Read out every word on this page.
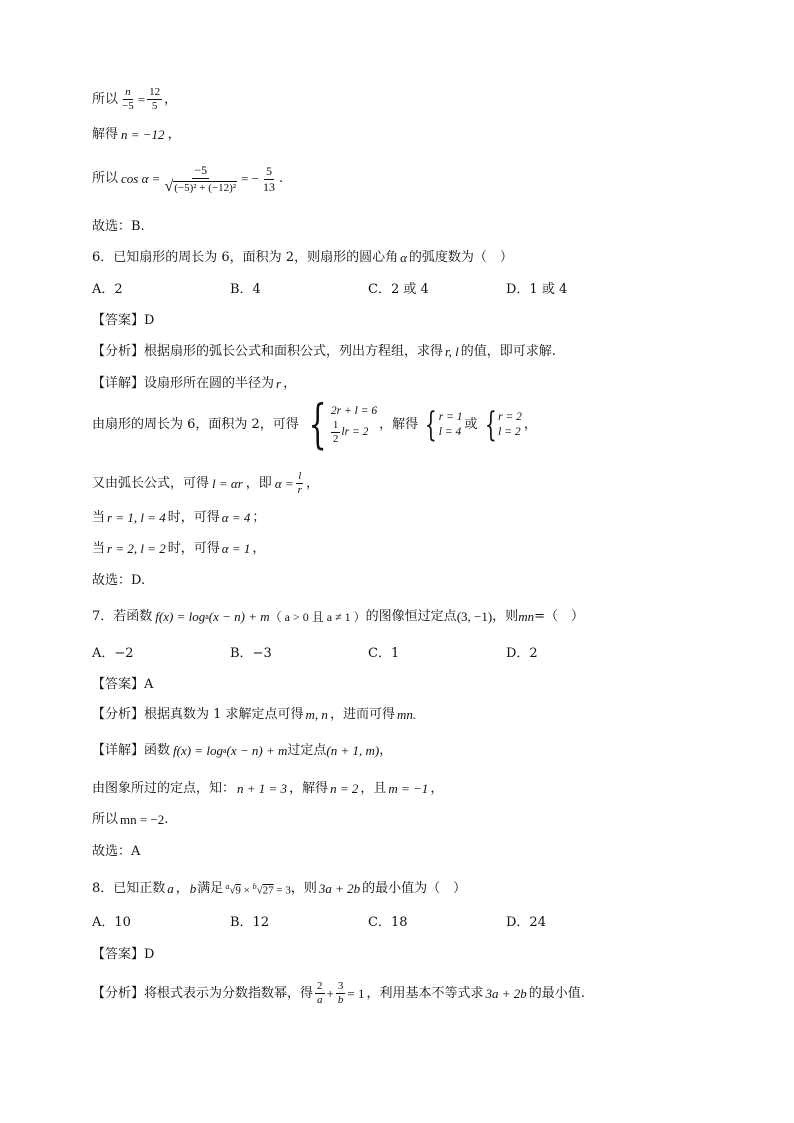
所以 $\frac{n}{-5} = \frac{12}{5}$ ，
解得 n = −12 ，
所以 $\cos \alpha = \frac{-5}{\text{√ (−5)² + (−12)²}}$ = − $\frac{5}{13}$ .
故选：B.
6．已知扇形的周长为 6，面积为 2，则扇形的圆心角 α 的弧度数为（　）
A．2	B．4	C．2 或 4	D．1 或 4
【答案】D
【分析】根据扇形的弧长公式和面积公式，列出方程组，求得 r, l 的值，即可求解.
【详解】设扇形所在圆的半径为 r ，
由扇形的周长为 6，面积为 2，可得 { 2r + l = 6
$\frac{1}{2}$ lr = 2 ，解得 { r = 1
l = 4 或 { r = 2
l = 2 ，
又由弧长公式，可得 l = αr ，即 $\alpha = \frac{l}{r}$ ，
当 r = 1, l = 4 时，可得 α = 4 ；
当 r = 2, l = 2 时，可得 α = 1 ，
故选：D.
7．若函数 f(x) = log a (x − n) + m （ a > 0 且 a ≠ 1 ） 的图像恒过定点 (3, −1) ，则 mn =（　）
A．−2	B．−3	C．1	D．2
【答案】A
【分析】根据真数为 1 求解定点可得 m, n ，进而可得 mn.
【详解】函数 f(x) = log a (x − n) + m 过定点 (n + 1, m) ，
由图象所过的定点，知： n + 1 = 3 ，解得 n = 2 ，且 m = −1 ，
所以 mn = −2 .
故选：A
8．已知正数 a ， b 满足 $^a$√9 × $^b$√27 = 3 ，则 3a + 2b 的最小值为（　）
A．10	B．12	C．18	D．24
【答案】D
【分析】将根式表示为分数指数幂，得 $\frac{2}{a} + \frac{3}{b} = 1$ ，利用基本不等式求 3a + 2b 的最小值.
